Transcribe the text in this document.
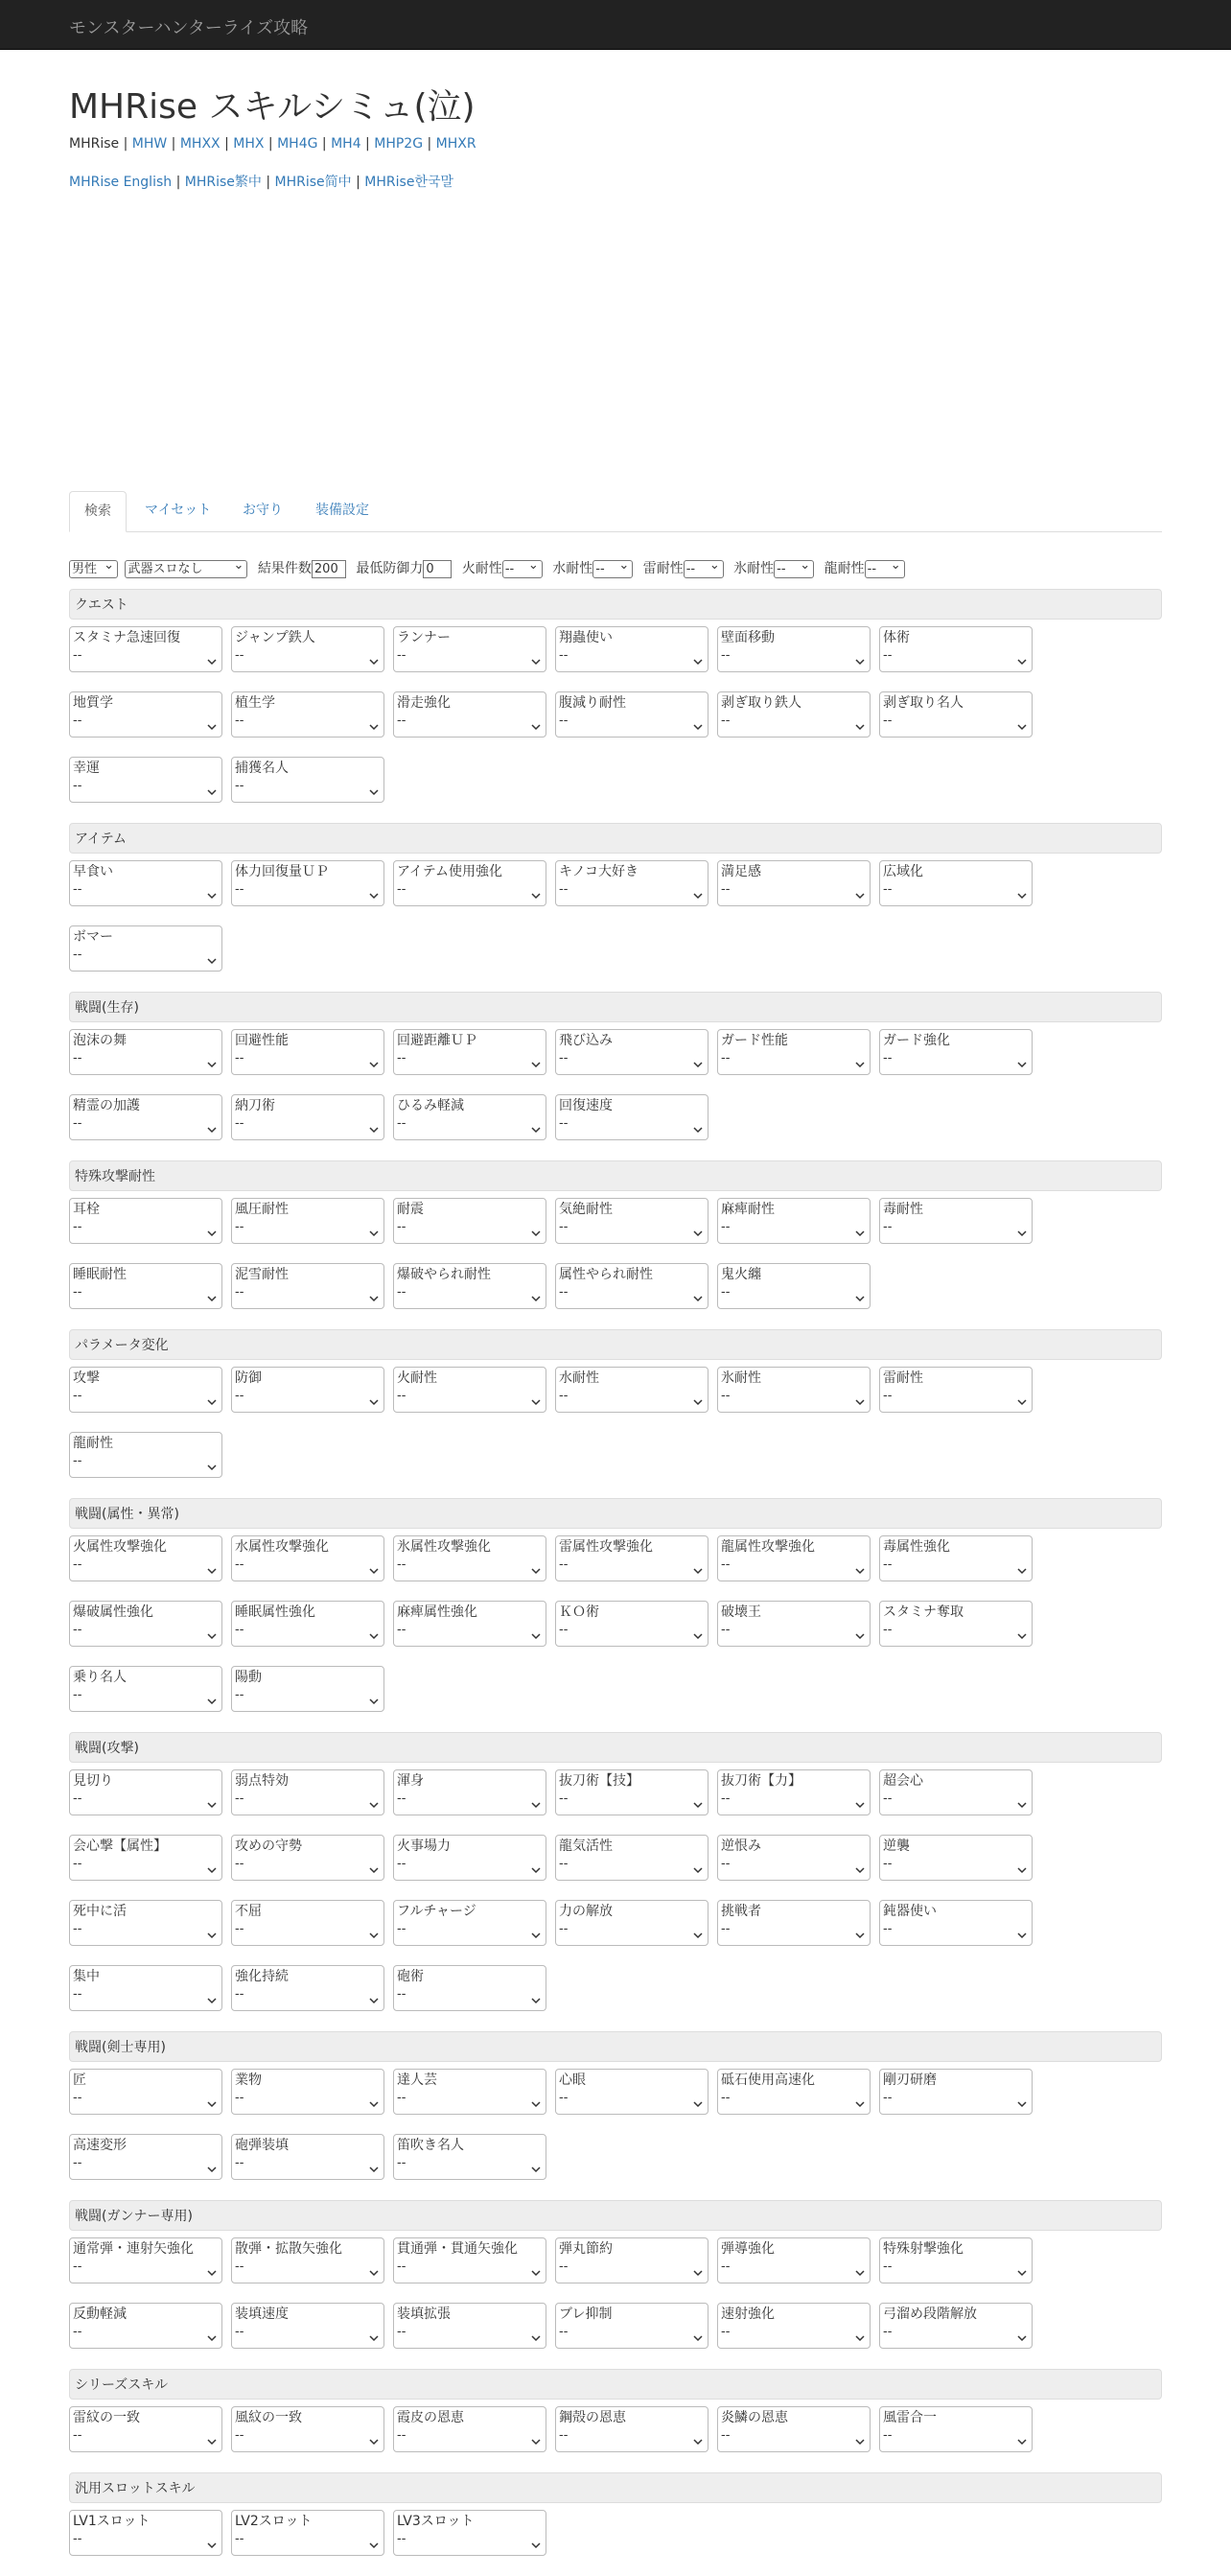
モンスターハンターライズ攻略
MHRise スキルシミュ(泣)
MHRise | MHW | MHXX | MHX | MH4G | MH4 | MHP2G | MHXR
MHRise English | MHRise繁中 | MHRise简中 | MHRise한국말
検索	マイセット	お守り	装備設定
男性 ⌄ 武器スロなし ⌄	結果件数 200 最低防御力 0 火耐性 -- ⌄	水耐性 -- ⌄	雷耐性 -- ⌄	氷耐性 -- ⌄	龍耐性 -- ⌄
クエスト
スタミナ急速回復
--
ジャンプ鉄人
--
ランナー
--
翔蟲使い
--
壁面移動
--
体術
--
地質学
--
植生学
--
滑走強化
--
腹減り耐性
--
剥ぎ取り鉄人
--
剥ぎ取り名人
--
幸運
--
捕獲名人
--
アイテム
早食い
--
体力回復量ＵＰ
--
アイテム使用強化
--
キノコ大好き
--
満足感
--
広域化
--
ボマー
--
戦闘(生存)
泡沫の舞
--
回避性能
--
回避距離ＵＰ
--
飛び込み
--
ガード性能
--
ガード強化
--
精霊の加護
--
納刀術
--
ひるみ軽減
--
回復速度
--
特殊攻撃耐性
耳栓
--
風圧耐性
--
耐震
--
気絶耐性
--
麻痺耐性
--
毒耐性
--
睡眠耐性
--
泥雪耐性
--
爆破やられ耐性
--
属性やられ耐性
--
鬼火纏
--
パラメータ変化
攻撃
--
防御
--
火耐性
--
水耐性
--
氷耐性
--
雷耐性
--
龍耐性
--
戦闘(属性・異常)
火属性攻撃強化
--
水属性攻撃強化
--
氷属性攻撃強化
--
雷属性攻撃強化
--
龍属性攻撃強化
--
毒属性強化
--
爆破属性強化
--
睡眠属性強化
--
麻痺属性強化
--
ＫＯ術
--
破壊王
--
スタミナ奪取
--
乗り名人
--
陽動
--
戦闘(攻撃)
見切り
--
弱点特効
--
渾身
--
抜刀術【技】
--
抜刀術【力】
--
超会心
--
会心撃【属性】
--
攻めの守勢
--
火事場力
--
龍気活性
--
逆恨み
--
逆襲
--
死中に活
--
不屈
--
フルチャージ
--
力の解放
--
挑戦者
--
鈍器使い
--
集中
--
強化持続
--
砲術
--
戦闘(剣士専用)
匠
--
業物
--
達人芸
--
心眼
--
砥石使用高速化
--
剛刃研磨
--
高速変形
--
砲弾装填
--
笛吹き名人
--
戦闘(ガンナー専用)
通常弾・連射矢強化
--
散弾・拡散矢強化
--
貫通弾・貫通矢強化
--
弾丸節約
--
弾導強化
--
特殊射撃強化
--
反動軽減
--
装填速度
--
装填拡張
--
ブレ抑制
--
速射強化
--
弓溜め段階解放
--
シリーズスキル
雷紋の一致
--
風紋の一致
--
霞皮の恩恵
--
鋼殻の恩恵
--
炎鱗の恩恵
--
風雷合一
--
汎用スロットスキル
LV1スロット
--
LV2スロット
--
LV3スロット
--
